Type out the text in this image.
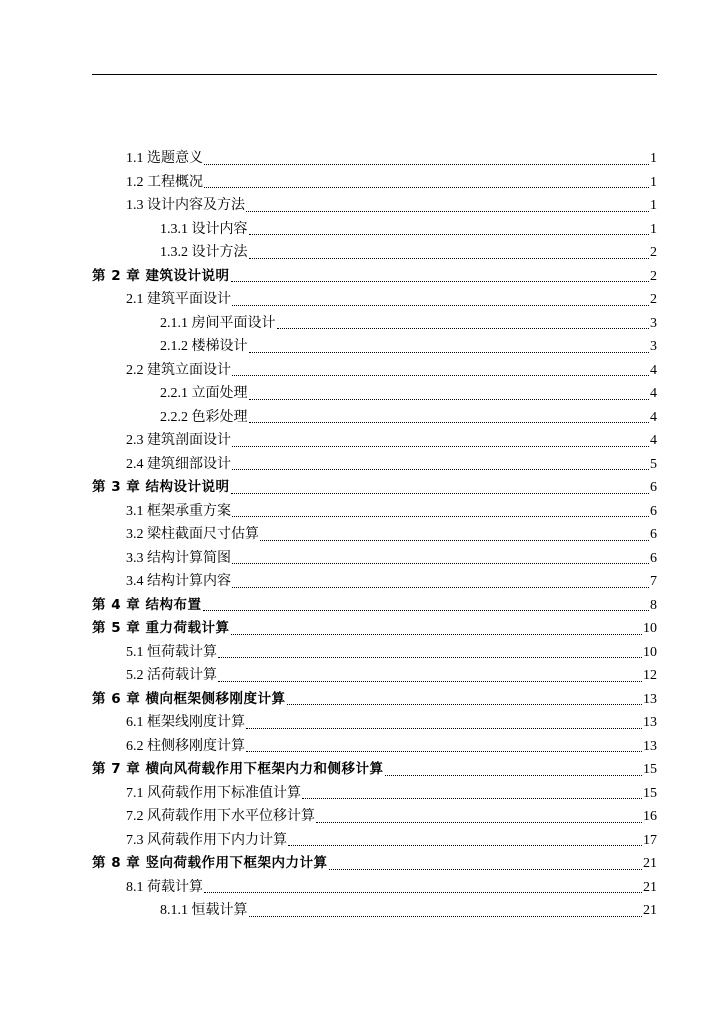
1.1 选题意义	1
1.2 工程概况	1
1.3 设计内容及方法	1
1.3.1 设计内容	1
1.3.2 设计方法	2
第 2 章 建筑设计说明	2
2.1 建筑平面设计	2
2.1.1 房间平面设计	3
2.1.2 楼梯设计	3
2.2 建筑立面设计	4
2.2.1 立面处理	4
2.2.2 色彩处理	4
2.3 建筑剖面设计	4
2.4 建筑细部设计	5
第 3 章 结构设计说明	6
3.1 框架承重方案	6
3.2 梁柱截面尺寸估算	6
3.3 结构计算简图	6
3.4 结构计算内容	7
第 4 章 结构布置	8
第 5 章 重力荷载计算	10
5.1 恒荷载计算	10
5.2 活荷载计算	12
第 6 章 横向框架侧移刚度计算	13
6.1 框架线刚度计算	13
6.2 柱侧移刚度计算	13
第 7 章 横向风荷载作用下框架内力和侧移计算	15
7.1 风荷载作用下标准值计算	15
7.2 风荷载作用下水平位移计算	16
7.3 风荷载作用下内力计算	17
第 8 章 竖向荷载作用下框架内力计算	21
8.1 荷载计算	21
8.1.1 恒载计算	21
